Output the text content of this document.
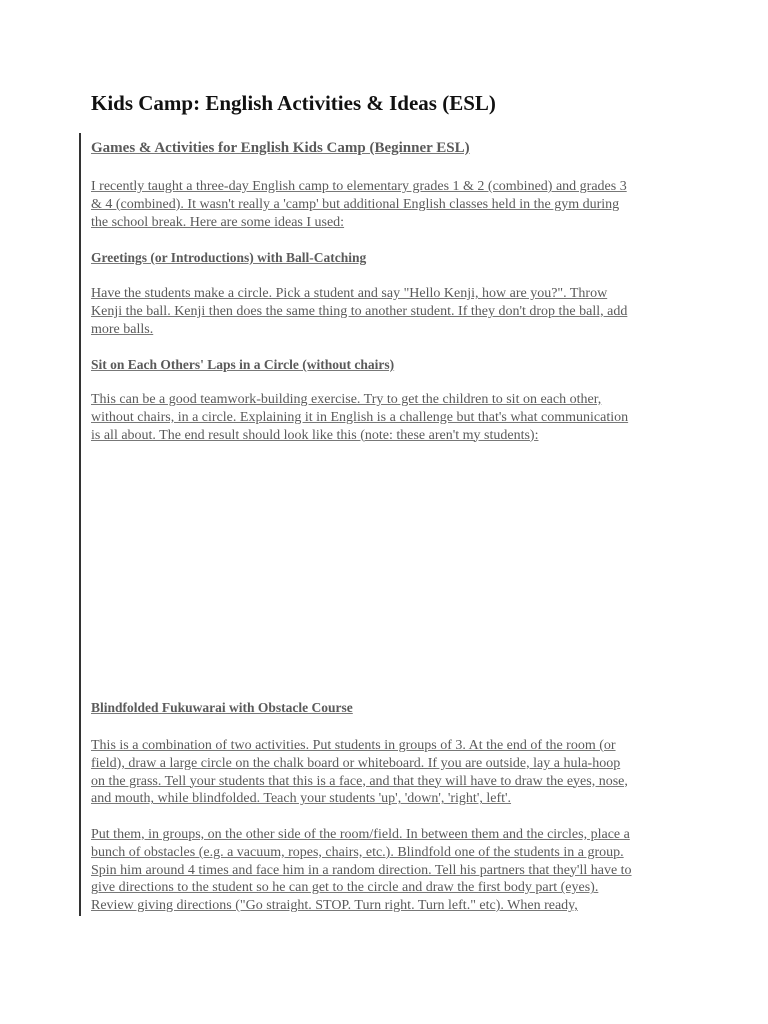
Kids Camp: English Activities & Ideas (ESL)
Games & Activities for English Kids Camp (Beginner ESL)
I recently taught a three-day English camp to elementary grades 1 & 2 (combined) and grades 3
& 4 (combined). It wasn't really a 'camp' but additional English classes held in the gym during
the school break. Here are some ideas I used:
Greetings (or Introductions) with Ball-Catching
Have the students make a circle. Pick a student and say "Hello Kenji, how are you?". Throw
Kenji the ball. Kenji then does the same thing to another student. If they don't drop the ball, add
more balls.
Sit on Each Others' Laps in a Circle (without chairs)
This can be a good teamwork-building exercise. Try to get the children to sit on each other,
without chairs, in a circle. Explaining it in English is a challenge but that's what communication
is all about. The end result should look like this (note: these aren't my students):
Blindfolded Fukuwarai with Obstacle Course
This is a combination of two activities. Put students in groups of 3. At the end of the room (or
field), draw a large circle on the chalk board or whiteboard. If you are outside, lay a hula-hoop
on the grass. Tell your students that this is a face, and that they will have to draw the eyes, nose,
and mouth, while blindfolded. Teach your students 'up', 'down', 'right', left'.
Put them, in groups, on the other side of the room/field. In between them and the circles, place a
bunch of obstacles (e.g. a vacuum, ropes, chairs, etc.). Blindfold one of the students in a group.
Spin him around 4 times and face him in a random direction. Tell his partners that they'll have to
give directions to the student so he can get to the circle and draw the first body part (eyes).
Review giving directions ("Go straight. STOP. Turn right. Turn left." etc). When ready,
